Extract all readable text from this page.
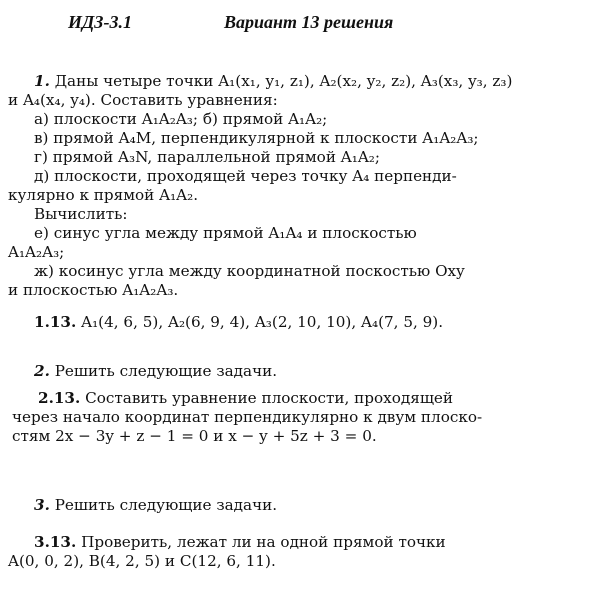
ИДЗ-3.1	Вариант 13 решения
1. Даны четыре точки A₁(x₁, y₁, z₁), A₂(x₂, y₂, z₂), A₃(x₃, y₃, z₃)
и A₄(x₄, y₄). Составить уравнения:
а) плоскости A₁A₂A₃; б) прямой A₁A₂;
в) прямой A₄M, перпендикулярной к плоскости A₁A₂A₃;
г) прямой A₃N, параллельной прямой A₁A₂;
д) плоскости, проходящей через точку A₄ перпенди-
кулярно к прямой A₁A₂.
Вычислить:
е) синус угла между прямой A₁A₄ и плоскостью
A₁A₂A₃;
ж) косинус угла между координатной поскостью Oxy
и плоскостью A₁A₂A₃.
1.13. A₁(4, 6, 5), A₂(6, 9, 4), A₃(2, 10, 10), A₄(7, 5, 9).
2. Решить следующие задачи.
2.13. Составить уравнение плоскости, проходящей
через начало координат перпендикулярно к двум плоско-
стям 2x − 3y + z − 1 = 0 и x − y + 5z + 3 = 0.
3. Решить следующие задачи.
3.13. Проверить, лежат ли на одной прямой точки
A(0, 0, 2), B(4, 2, 5) и C(12, 6, 11).
